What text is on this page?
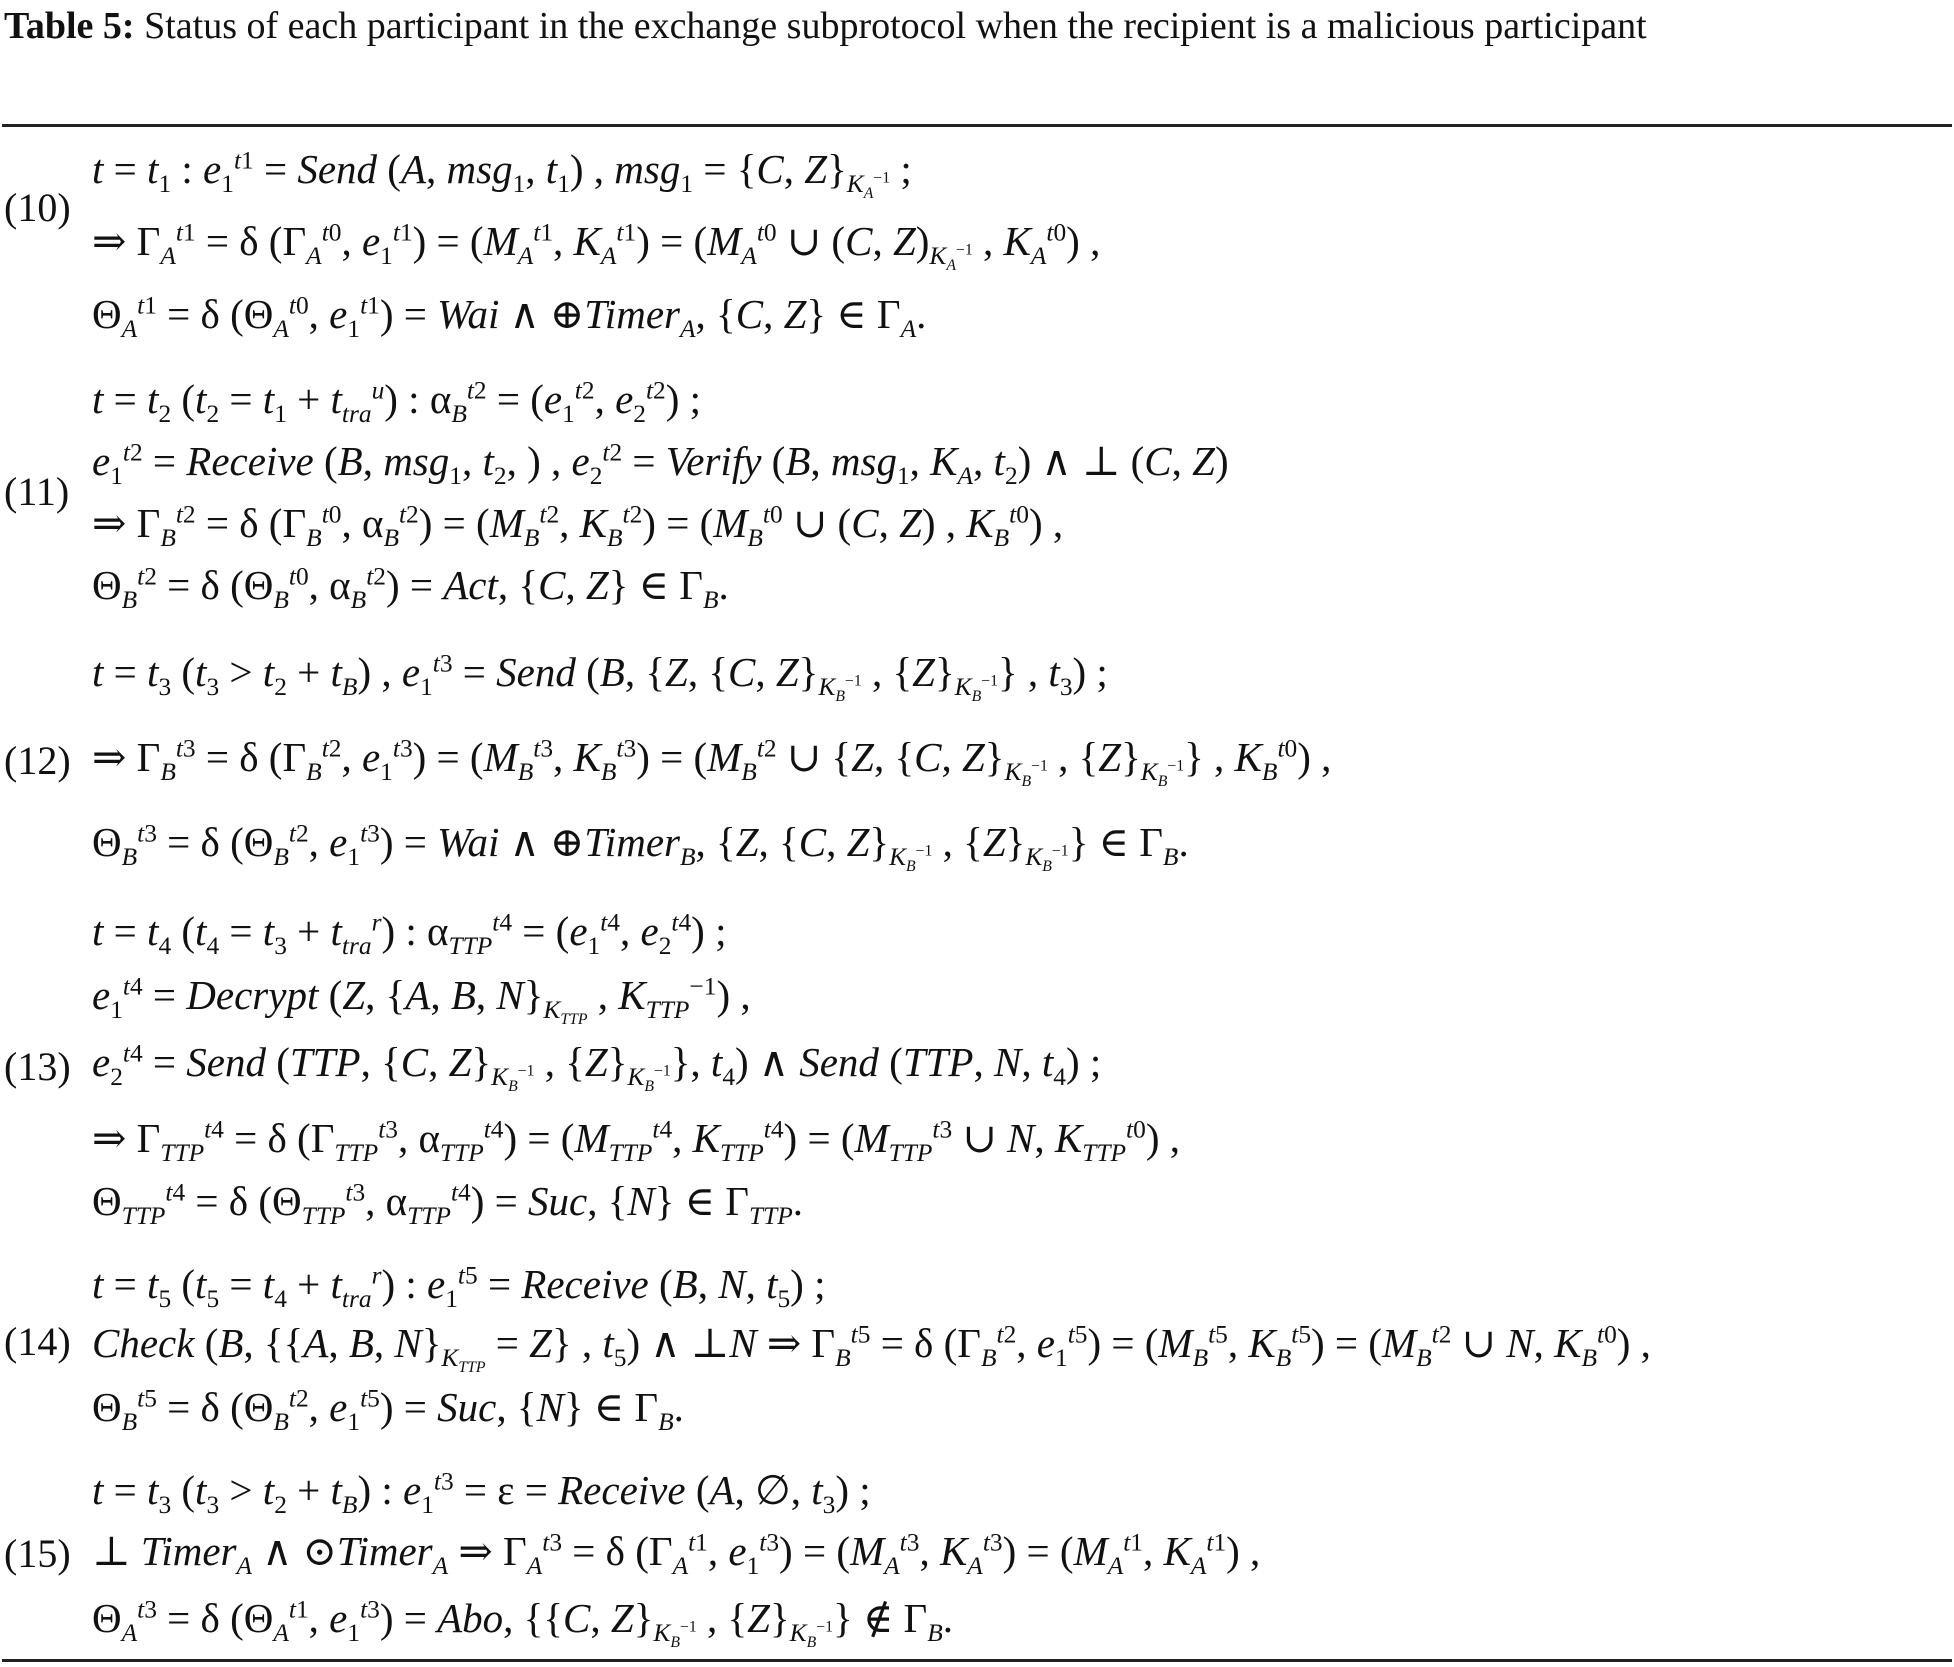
Table 5: Status of each participant in the exchange subprotocol when the recipient is a malicious participant
(10)
$t = t_1$ : $e_1^{t1}$ = Send (A, msg$_1$, $t_1$) , msg$_1$ = {C, $Z\}_{K_A^{-1}}$ ;
⇒ $\Gamma_A^{t1} = \delta$ ($\Gamma_A^{t0}$, $e_1^{t1}) = (M_A^{t1}$, $K_A^{t1}) = (M_A^{t0}$ ∪ (C, $Z)_{K_A^{-1}}$ , $K_A^{t0}$) ,
$\Theta_A^{t1} = \delta$ ($\Theta_A^{t0}$, $e_1^{t1}$) = Wai ∧ ⊕Timer$_A$, {C, Z} ∈ $\Gamma_A$.
(11)
$t = t_2$ $(t_2 = t_1 + t_{tra}^u)$ : $\alpha_B^{t2} = (e_1^{t2}$, $e_2^{t2}$) ;
$e_1^{t2}$ = Receive (B, msg$_1$, $t_2$, ) , $e_2^{t2}$ = Verify (B, msg$_1$, $K_A$, $t_2$) ∧ ⊥ (C, Z)
⇒ $\Gamma_B^{t2} = \delta$ ($\Gamma_B^{t0}$, $\alpha_B^{t2}) = (M_B^{t2}$, $K_B^{t2}) = (M_B^{t0}$ ∪ (C, Z) , $K_B^{t0}$) ,
$\Theta_B^{t2} = \delta$ ($\Theta_B^{t0}$, $\alpha_B^{t2}$) = Act, {C, Z} ∈ $\Gamma_B$.
(12)
$t = t_3$ $(t_3 > t_2 + t_B)$ , $e_1^{t3}$ = Send (B, {Z, {C, $Z\}_{K_B^{-1}}$ , $\{Z\}_{K_B^{-1}}$} , $t_3$) ;
⇒ $\Gamma_B^{t3} = \delta$ ($\Gamma_B^{t2}$, $e_1^{t3}) = (M_B^{t3}$, $K_B^{t3}) = (M_B^{t2}$ ∪ {Z, {C, $Z\}_{K_B^{-1}}$ , $\{Z\}_{K_B^{-1}}$} , $K_B^{t0}$) ,
$\Theta_B^{t3} = \delta$ ($\Theta_B^{t2}$, $e_1^{t3}$) = Wai ∧ ⊕Timer$_B$, {Z, {C, $Z\}_{K_B^{-1}}$ , $\{Z\}_{K_B^{-1}}$} ∈ $\Gamma_B$.
(13)
$t = t_4$ $(t_4 = t_3 + t_{tra}^r)$ : $\alpha_{TTP}^{t4} = (e_1^{t4}$, $e_2^{t4}$) ;
$e_1^{t4}$ = Decrypt (Z, {A, B, $N\}_{K_{TTP}}$ , $K_{TTP}^{-1}$) ,
$e_2^{t4}$ = Send (TTP, {C, $Z\}_{K_B^{-1}}$ , $\{Z\}_{K_B^{-1}}$}, $t_4$) ∧ Send (TTP, N, $t_4$) ;
⇒ $\Gamma_{TTP}^{t4} = \delta$ ($\Gamma_{TTP}^{t3}$, $\alpha_{TTP}^{t4}) = (M_{TTP}^{t4}$, $K_{TTP}^{t4}) = (M_{TTP}^{t3}$ ∪ N, $K_{TTP}^{t0}$) ,
$\Theta_{TTP}^{t4} = \delta$ ($\Theta_{TTP}^{t3}$, $\alpha_{TTP}^{t4}$) = Suc, {N} ∈ $\Gamma_{TTP}$.
(14)
$t = t_5$ $(t_5 = t_4 + t_{tra}^r)$ : $e_1^{t5}$ = Receive (B, N, $t_5$) ;
Check (B, {{A, B, $N\}_{K_{TTP}} = Z$} , $t_5$) ∧ ⊥N ⇒ $\Gamma_B^{t5} = \delta$ ($\Gamma_B^{t2}$, $e_1^{t5}) = (M_B^{t5}$, $K_B^{t5}) = (M_B^{t2}$ ∪ N, $K_B^{t0}$) ,
$\Theta_B^{t5} = \delta$ ($\Theta_B^{t2}$, $e_1^{t5}$) = Suc, {N} ∈ $\Gamma_B$.
(15)
$t = t_3$ $(t_3 > t_2 + t_B)$ : $e_1^{t3} = \varepsilon$ = Receive (A, ∅, $t_3$) ;
⊥ Timer$_A$ ∧ ⊙Timer$_A$ ⇒ $\Gamma_A^{t3} = \delta$ ($\Gamma_A^{t1}$, $e_1^{t3}) = (M_A^{t3}$, $K_A^{t3}) = (M_A^{t1}$, $K_A^{t1}$) ,
$\Theta_A^{t3} = \delta$ ($\Theta_A^{t1}$, $e_1^{t3}$) = Abo, {{C, $Z\}_{K_B^{-1}}$ , $\{Z\}_{K_B^{-1}}$} ∉ $\Gamma_B$.
